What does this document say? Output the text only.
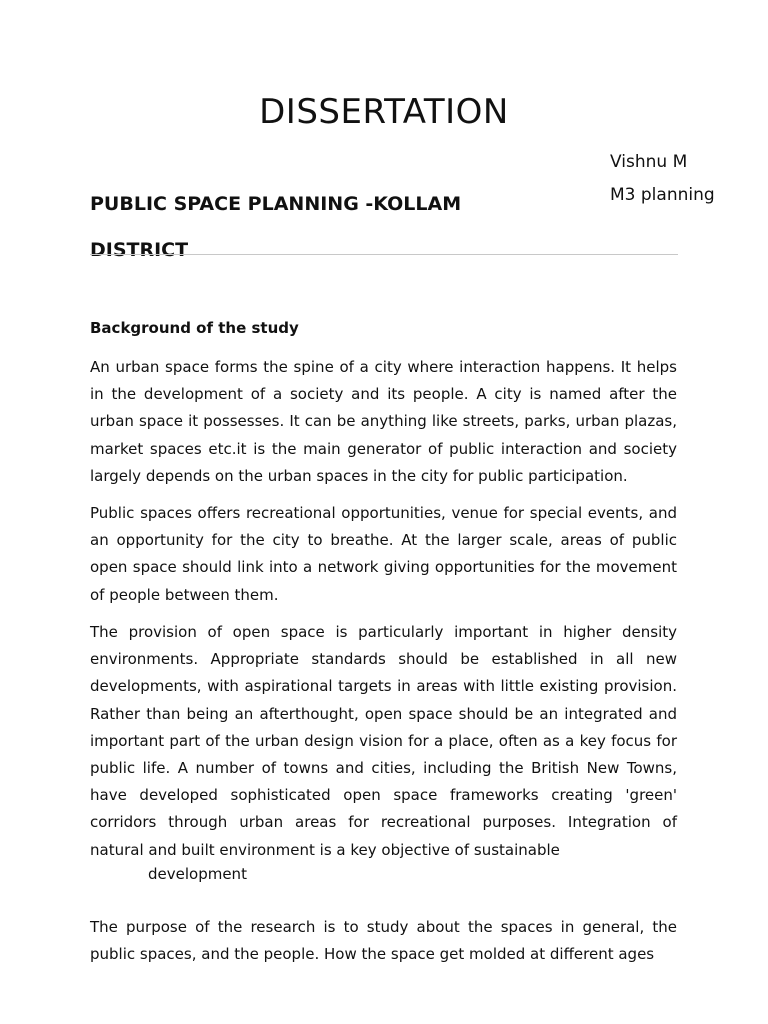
DISSERTATION

Vishnu M

M3 planning

PUBLIC SPACE PLANNING -KOLLAM DISTRICT
Background of the study

An urban space forms the spine of a city where interaction happens. It helps in the development of a society and its people. A city is named after the urban space it possesses. It can be anything like streets, parks, urban plazas, market spaces etc.it is the main generator of public interaction and society largely depends on the urban spaces in the city for public participation.

Public spaces offers recreational opportunities, venue for special events, and an opportunity for the city to breathe. At the larger scale, areas of public open space should link into a network giving opportunities for the movement of people between them.

The provision of open space is particularly important in higher density environments. Appropriate standards should be established in all new developments, with aspirational targets in areas with little existing provision. Rather than being an afterthought, open space should be an integrated and important part of the urban design vision for a place, often as a key focus for public life. A number of towns and cities, including the British New Towns, have developed sophisticated open space frameworks creating 'green' corridors through urban areas for recreational purposes. Integration of natural and built environment is a key objective of sustainable

development

The purpose of the research is to study about the spaces in general, the public spaces, and the people. How the space get molded at different ages
